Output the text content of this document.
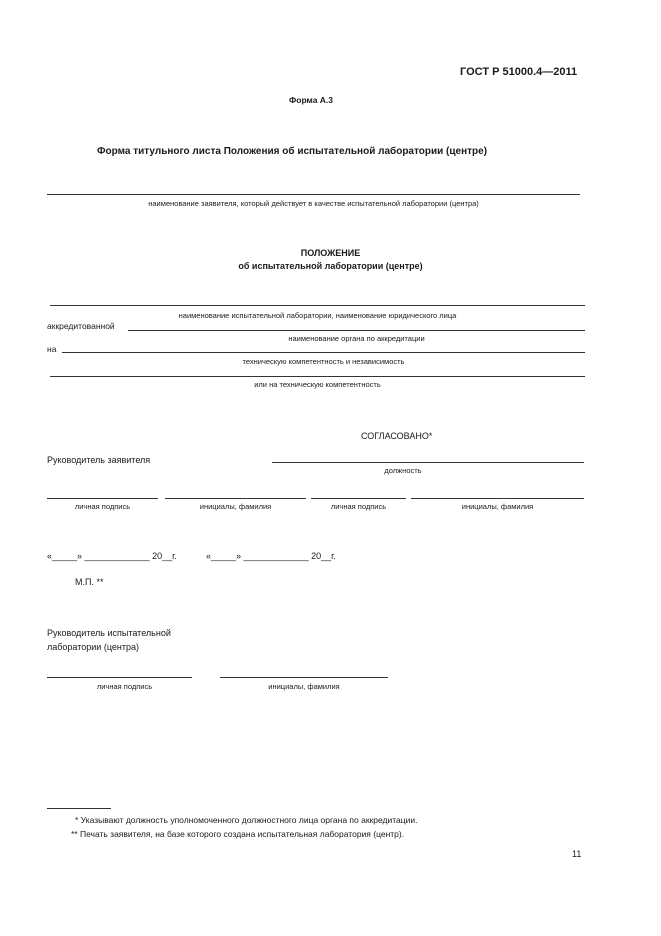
ГОСТ Р 51000.4—2011
Форма А.3
Форма титульного листа Положения об испытательной лаборатории (центре)
наименование заявителя, который действует в качестве испытательной лаборатории (центра)
ПОЛОЖЕНИЕ
об испытательной лаборатории (центре)
наименование испытательной лаборатории, наименование юридического лица
аккредитованной
наименование органа по аккредитации
на
техническую компетентность и независимость
или на техническую компетентность
СОГЛАСОВАНО*
Руководитель заявителя
должность
личная подпись	инициалы, фамилия	личная подпись	инициалы, фамилия
«_____» _____________ 20__г.	«_____» _____________ 20__г.
М.П. **
Руководитель испытательной
лаборатории (центра)
личная подпись	инициалы, фамилия
* Указывают должность уполномоченного должностного лица органа по аккредитации.
** Печать заявителя, на базе которого создана испытательная лаборатория (центр).
11
